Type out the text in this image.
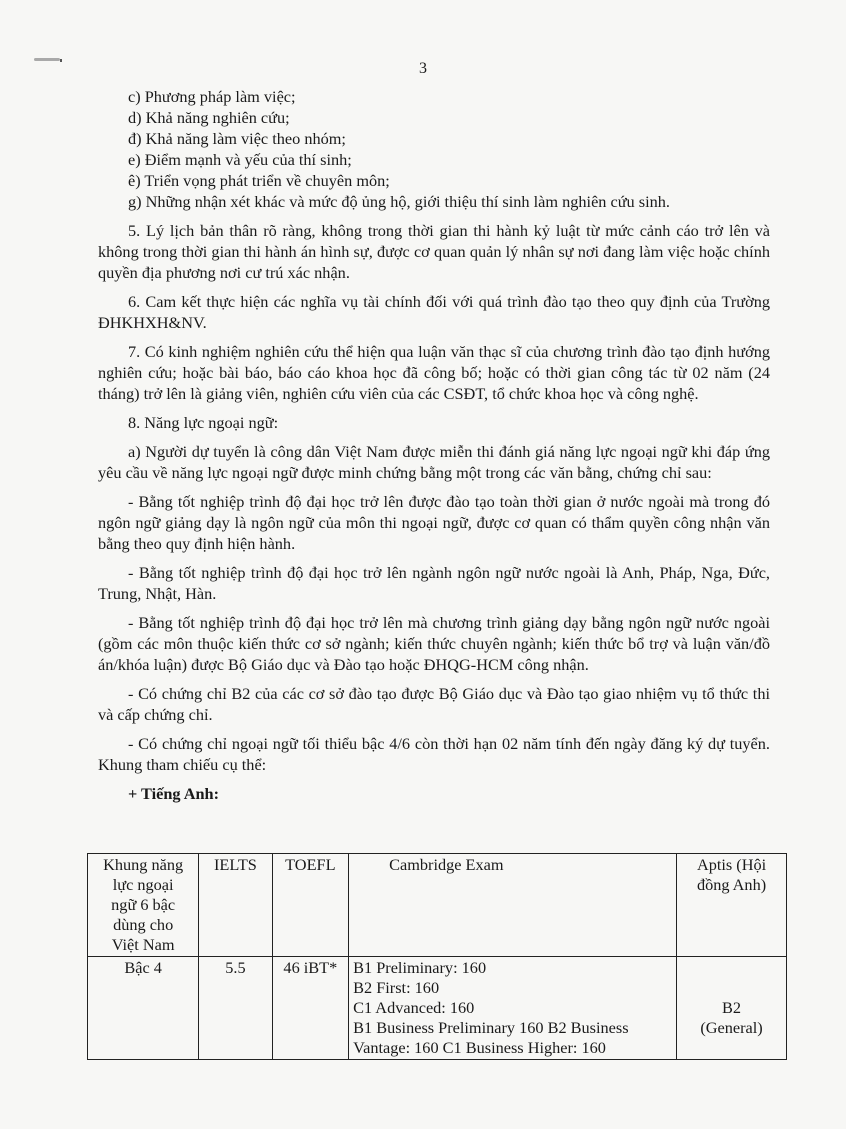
3

c) Phương pháp làm việc;

d) Khả năng nghiên cứu;

đ) Khả năng làm việc theo nhóm;

e) Điểm mạnh và yếu của thí sinh;

ê) Triển vọng phát triển về chuyên môn;

g) Những nhận xét khác và mức độ ủng hộ, giới thiệu thí sinh làm nghiên cứu sinh.

5. Lý lịch bản thân rõ ràng, không trong thời gian thi hành kỷ luật từ mức cảnh cáo trở lên và không trong thời gian thi hành án hình sự, được cơ quan quản lý nhân sự nơi đang làm việc hoặc chính quyền địa phương nơi cư trú xác nhận.

6. Cam kết thực hiện các nghĩa vụ tài chính đối với quá trình đào tạo theo quy định của Trường ĐHKHXH&NV.

7. Có kinh nghiệm nghiên cứu thể hiện qua luận văn thạc sĩ của chương trình đào tạo định hướng nghiên cứu; hoặc bài báo, báo cáo khoa học đã công bố; hoặc có thời gian công tác từ 02 năm (24 tháng) trở lên là giảng viên, nghiên cứu viên của các CSĐT, tổ chức khoa học và công nghệ.

8. Năng lực ngoại ngữ:

a) Người dự tuyển là công dân Việt Nam được miễn thi đánh giá năng lực ngoại ngữ khi đáp ứng yêu cầu về năng lực ngoại ngữ được minh chứng bằng một trong các văn bằng, chứng chỉ sau:

- Bằng tốt nghiệp trình độ đại học trở lên được đào tạo toàn thời gian ở nước ngoài mà trong đó ngôn ngữ giảng dạy là ngôn ngữ của môn thi ngoại ngữ, được cơ quan có thẩm quyền công nhận văn bằng theo quy định hiện hành.

- Bằng tốt nghiệp trình độ đại học trở lên ngành ngôn ngữ nước ngoài là Anh, Pháp, Nga, Đức, Trung, Nhật, Hàn.

- Bằng tốt nghiệp trình độ đại học trở lên mà chương trình giảng dạy bằng ngôn ngữ nước ngoài (gồm các môn thuộc kiến thức cơ sở ngành; kiến thức chuyên ngành; kiến thức bổ trợ và luận văn/đồ án/khóa luận) được Bộ Giáo dục và Đào tạo hoặc ĐHQG-HCM công nhận.

- Có chứng chỉ B2 của các cơ sở đào tạo được Bộ Giáo dục và Đào tạo giao nhiệm vụ tổ thức thi và cấp chứng chỉ.

- Có chứng chỉ ngoại ngữ tối thiểu bậc 4/6 còn thời hạn 02 năm tính đến ngày đăng ký dự tuyển. Khung tham chiếu cụ thể:

+ Tiếng Anh:

Khung năng
lực ngoại
ngữ 6 bậc
dùng cho
Việt Nam	IELTS	TOEFL	Cambridge Exam	Aptis (Hội
đồng Anh)

Bậc 4	5.5	46 iBT*	B1 Preliminary: 160
B2 First: 160
C1 Advanced: 160
B1 Business Preliminary 160 B2 Business
Vantage: 160 C1 Business Higher: 160	B2
(General)
